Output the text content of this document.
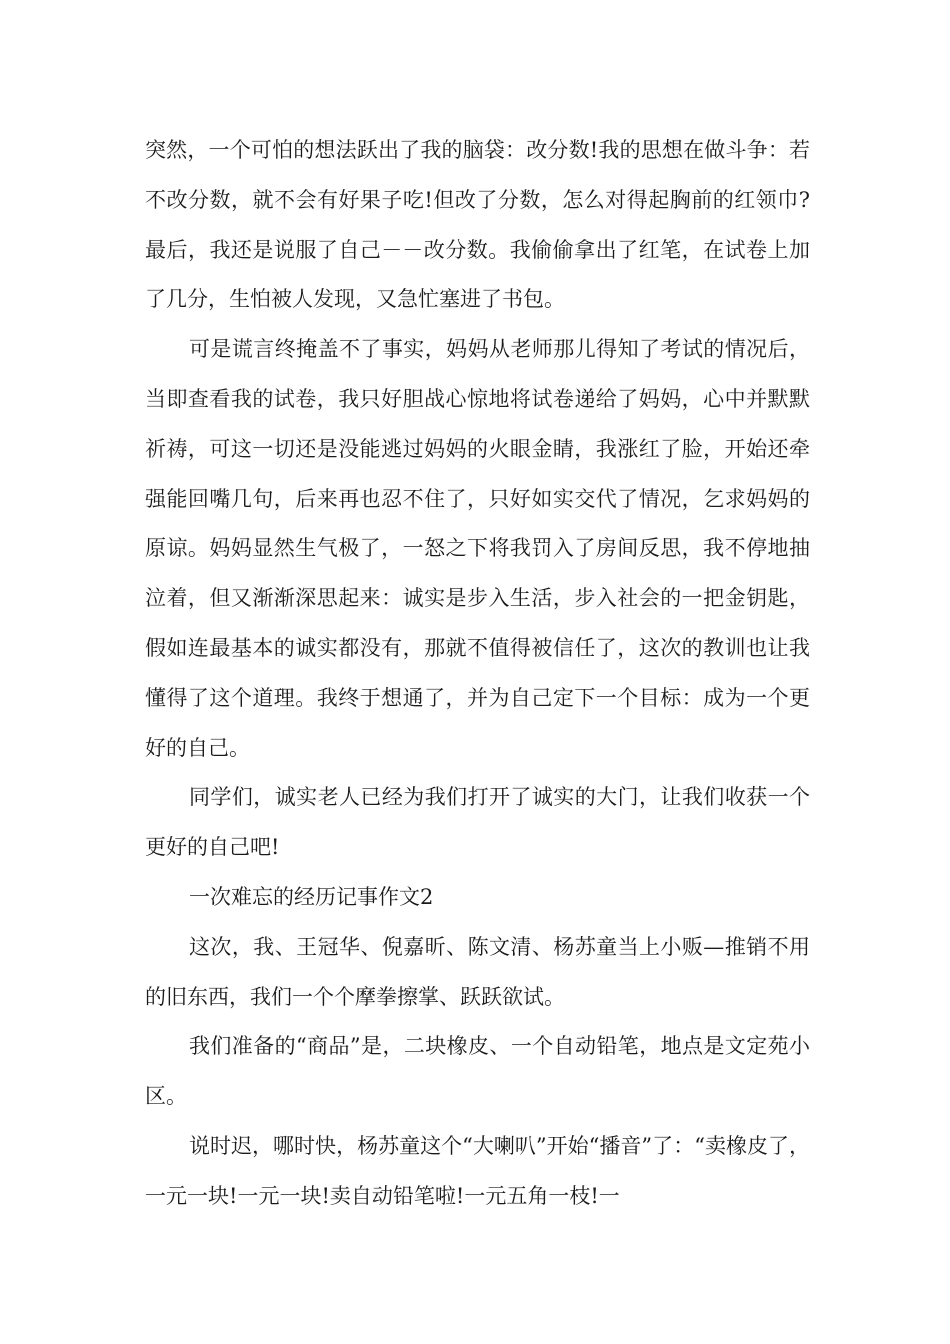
突然，一个可怕的想法跃出了我的脑袋：改分数!我的思想在做斗争：若不改分数，就不会有好果子吃!但改了分数，怎么对得起胸前的红领巾?最后，我还是说服了自己－－改分数。我偷偷拿出了红笔，在试卷上加了几分，生怕被人发现，又急忙塞进了书包。

可是谎言终掩盖不了事实，妈妈从老师那儿得知了考试的情况后，当即查看我的试卷，我只好胆战心惊地将试卷递给了妈妈，心中并默默祈祷，可这一切还是没能逃过妈妈的火眼金睛，我涨红了脸，开始还牵强能回嘴几句，后来再也忍不住了，只好如实交代了情况，乞求妈妈的原谅。妈妈显然生气极了，一怒之下将我罚入了房间反思，我不停地抽泣着，但又渐渐深思起来：诚实是步入生活，步入社会的一把金钥匙，假如连最基本的诚实都没有，那就不值得被信任了，这次的教训也让我懂得了这个道理。我终于想通了，并为自己定下一个目标：成为一个更好的自己。

同学们，诚实老人已经为我们打开了诚实的大门，让我们收获一个更好的自己吧!

一次难忘的经历记事作文2

这次，我、王冠华、倪嘉昕、陈文清、杨苏童当上小贩—推销不用的旧东西，我们一个个摩拳擦掌、跃跃欲试。

我们准备的“商品”是，二块橡皮、一个自动铅笔，地点是文定苑小区。

说时迟，哪时快，杨苏童这个“大喇叭”开始“播音”了：“卖橡皮了，一元一块!一元一块!卖自动铅笔啦!一元五角一枝!一
